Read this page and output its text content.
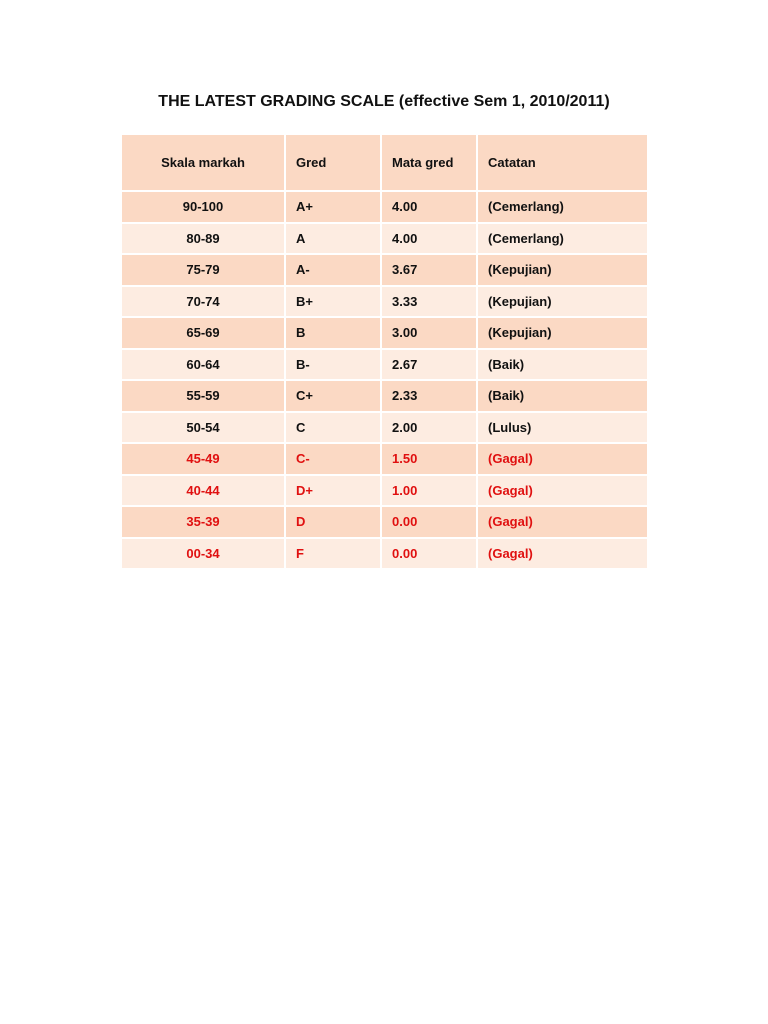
THE LATEST GRADING SCALE (effective Sem 1, 2010/2011)
Skala markah	Gred	Mata gred	Catatan
90-100	A+	4.00	(Cemerlang)
80-89	A	4.00	(Cemerlang)
75-79	A-	3.67	(Kepujian)
70-74	B+	3.33	(Kepujian)
65-69	B	3.00	(Kepujian)
60-64	B-	2.67	(Baik)
55-59	C+	2.33	(Baik)
50-54	C	2.00	(Lulus)
45-49	C-	1.50	(Gagal)
40-44	D+	1.00	(Gagal)
35-39	D	0.00	(Gagal)
00-34	F	0.00	(Gagal)
